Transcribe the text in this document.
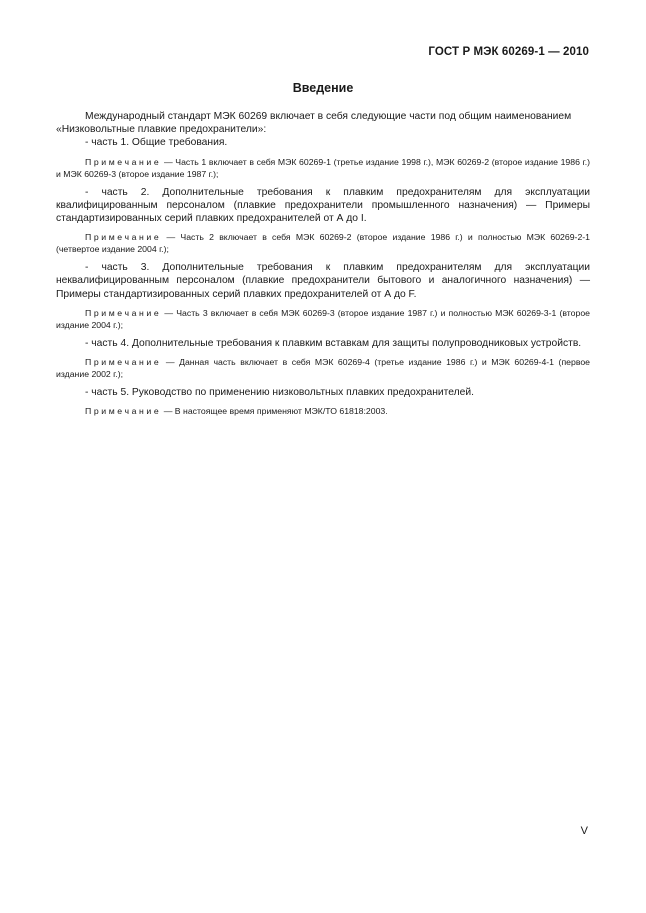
ГОСТ Р МЭК 60269-1 — 2010
Введение

Международный стандарт МЭК 60269 включает в себя следующие части под общим наименованием

«Низковольтные плавкие предохранители»:

- часть 1. Общие требования.

Примечание — Часть 1 включает в себя МЭК 60269-1 (третье издание 1998 г.), МЭК 60269-2 (второе издание 1986 г.) и МЭК 60269-3 (второе издание 1987 г.);

- часть 2. Дополнительные требования к плавким предохранителям для эксплуатации квалифицированным персоналом (плавкие предохранители промышленного назначения) — Примеры стандартизированных серий плавких предохранителей от А до I.

Примечание — Часть 2 включает в себя МЭК 60269-2 (второе издание 1986 г.) и полностью МЭК 60269-2-1 (четвертое издание 2004 г.);

- часть 3. Дополнительные требования к плавким предохранителям для эксплуатации неквалифицированным персоналом (плавкие предохранители бытового и аналогичного назначения) — Примеры стандартизированных серий плавких предохранителей от А до F.

Примечание — Часть 3 включает в себя МЭК 60269-3 (второе издание 1987 г.) и полностью МЭК 60269-3-1 (второе издание 2004 г.);

- часть 4. Дополнительные требования к плавким вставкам для защиты полупроводниковых устройств.

Примечание — Данная часть включает в себя МЭК 60269-4 (третье издание 1986 г.) и МЭК 60269-4-1 (первое издание 2002 г.);

- часть 5. Руководство по применению низковольтных плавких предохранителей.

Примечание — В настоящее время применяют МЭК/ТО 61818:2003.

V
